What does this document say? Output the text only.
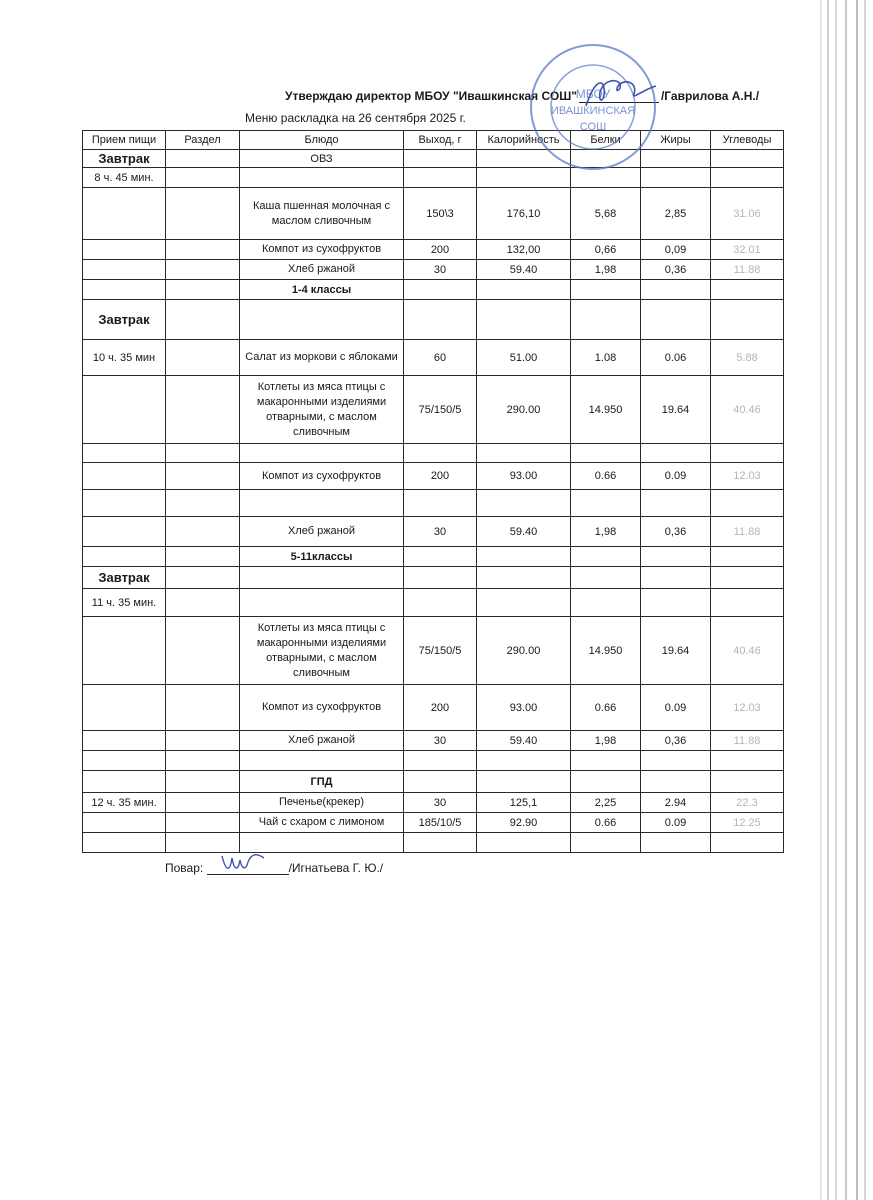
Утверждаю директор МБОУ "Ивашкинская СОШ"	/Гаврилова А.Н./
Меню раскладка на 26 сентября 2025 г.
Прием пищи	Раздел	Блюдо	Выход, г	Калорийность	Белки	Жиры	Углеводы
Завтрак		ОВЗ					
8 ч. 45 мин.							
		Каша пшенная молочная с маслом сливочным	150\3	176,10	5,68	2,85	31.06
		Компот из сухофруктов	200	132,00	0,66	0,09	32.01
		Хлеб ржаной	30	59.40	1,98	0,36	11.88
		1-4 классы					
Завтрак							
10 ч. 35 мин		Салат из моркови с яблоками	60	51.00	1.08	0.06	5.88
		Котлеты из мяса птицы с макаронными изделиями отварными, с маслом сливочным	75/150/5	290.00	14.950	19.64	40.46

		Компот из сухофруктов	200	93.00	0.66	0.09	12.03

		Хлеб ржаной	30	59.40	1,98	0,36	11.88
		5-11классы					
Завтрак							
11 ч. 35 мин.							
		Котлеты из мяса птицы с макаронными изделиями отварными, с маслом сливочным	75/150/5	290.00	14.950	19.64	40.46
		Компот из сухофруктов	200	93.00	0.66	0.09	12.03
		Хлеб ржаной	30	59.40	1,98	0,36	11.88

		ГПД					
12 ч. 35 мин.		Печенье(крекер)	30	125,1	2,25	2.94	22.3
		Чай с схаром с лимоном	185/10/5	92.90	0.66	0.09	12.25

Повар:	/Игнатьева Г. Ю./
МБОУ
ИВАШКИНСКАЯ
СОШ
